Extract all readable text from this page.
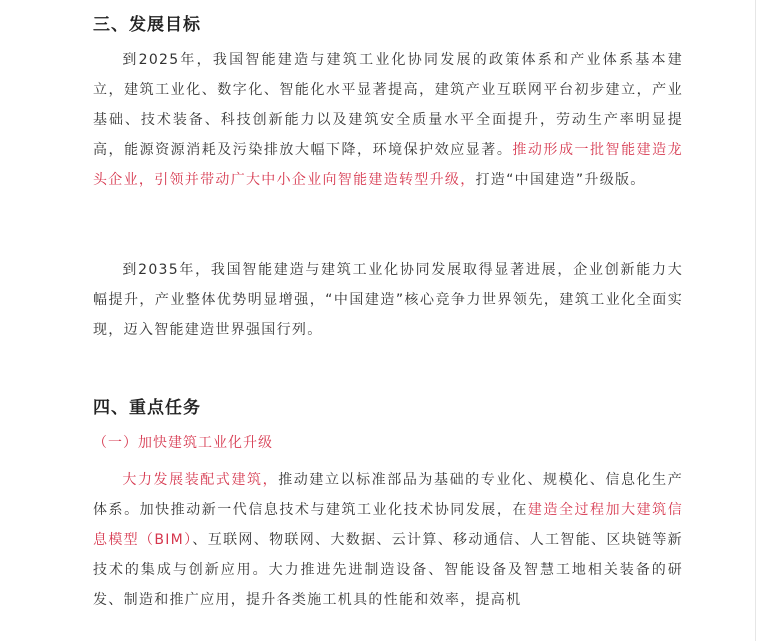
三、发展目标

到2025年，我国智能建造与建筑工业化协同发展的政策体系和产业体系基本建立，建筑工业化、数字化、智能化水平显著提高，建筑产业互联网平台初步建立，产业基础、技术装备、科技创新能力以及建筑安全质量水平全面提升，劳动生产率明显提高，能源资源消耗及污染排放大幅下降，环境保护效应显著。推动形成一批智能建造龙头企业，引领并带动广大中小企业向智能建造转型升级，打造“中国建造”升级版。

到2035年，我国智能建造与建筑工业化协同发展取得显著进展，企业创新能力大幅提升，产业整体优势明显增强，“中国建造”核心竞争力世界领先，建筑工业化全面实现，迈入智能建造世界强国行列。

四、重点任务
（一）加快建筑工业化升级

大力发展装配式建筑，推动建立以标准部品为基础的专业化、规模化、信息化生产体系。加快推动新一代信息技术与建筑工业化技术协同发展，在建造全过程加大建筑信息模型（BIM）、互联网、物联网、大数据、云计算、移动通信、人工智能、区块链等新技术的集成与创新应用。大力推进先进制造设备、智能设备及智慧工地相关装备的研发、制造和推广应用，提升各类施工机具的性能和效率，提高机
